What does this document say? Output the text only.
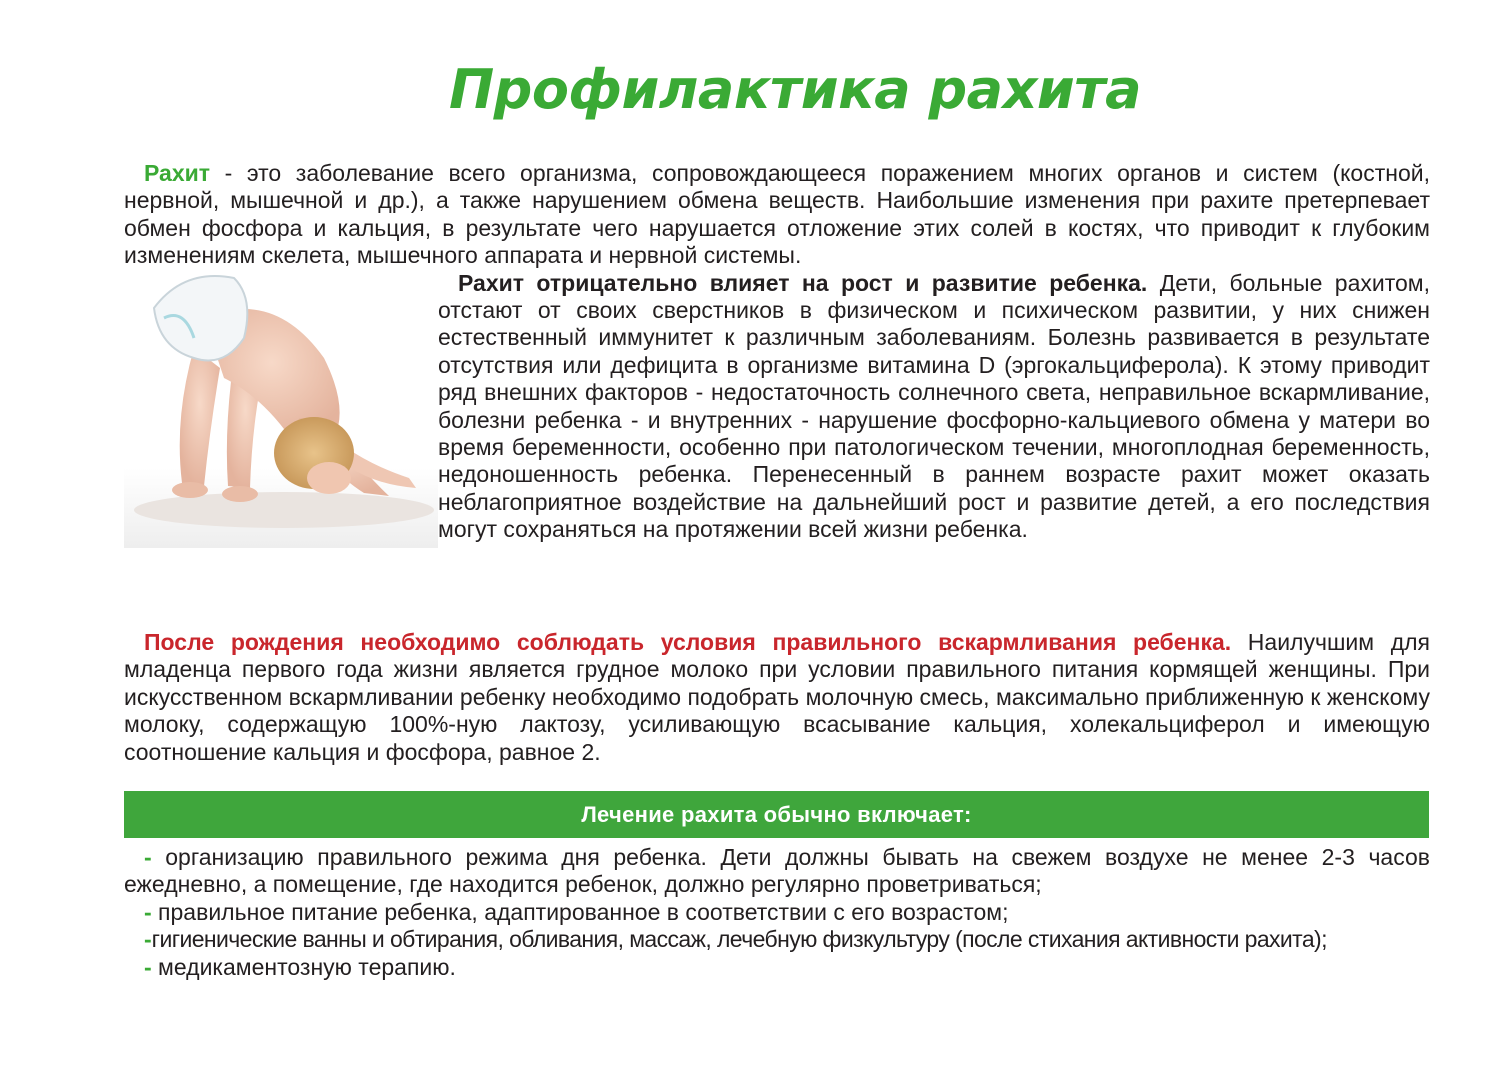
Профилактика рахита
Рахит - это заболевание всего организма, сопровождающееся поражением многих органов и систем (костной, нервной, мышечной и др.), а также нарушением обмена веществ. Наибольшие изменения при рахите претерпевает обмен фосфора и кальция, в результате чего нарушается отложение этих солей в костях, что приводит к глубоким изменениям скелета, мышечного аппарата и нервной системы.

Рахит отрицательно влияет на рост и развитие ребенка. Дети, больные рахитом, отстают от своих сверстников в физическом и психическом развитии, у них снижен естественный иммунитет к различным заболеваниям. Болезнь развивается в результате отсутствия или дефицита в организме витамина D (эргокальциферола). К этому приводит ряд внешних факторов - недостаточность солнечного света, неправильное вскармливание, болезни ребенка - и внутренних - нарушение фосфорно-кальциевого обмена у матери во время беременности, особенно при патологическом течении, многоплодная беременность, недоношенность ребенка. Перенесенный в раннем возрасте рахит может оказать неблагоприятное воздействие на дальнейший рост и развитие детей, а его последствия могут сохраняться на протяжении всей жизни ребенка.
После рождения необходимо соблюдать условия правильного вскармливания ребенка. Наилучшим для младенца первого года жизни является грудное молоко при условии правильного питания кормящей женщины. При искусственном вскармливании ребенку необходимо подобрать молочную смесь, максимально приближенную к женскому молоку, содержащую 100%-ную лактозу, усиливающую всасывание кальция, холекальциферол и имеющую соотношение кальция и фосфора, равное 2.
Лечение рахита обычно включает:
- организацию правильного режима дня ребенка. Дети должны бывать на свежем воздухе не менее 2-3 часов ежедневно, а помещение, где находится ребенок, должно регулярно проветриваться;
- правильное питание ребенка, адаптированное в соответствии с его возрастом;
-гигиенические ванны и обтирания, обливания, массаж, лечебную физкультуру (после стихания активности рахита);
- медикаментозную терапию.
